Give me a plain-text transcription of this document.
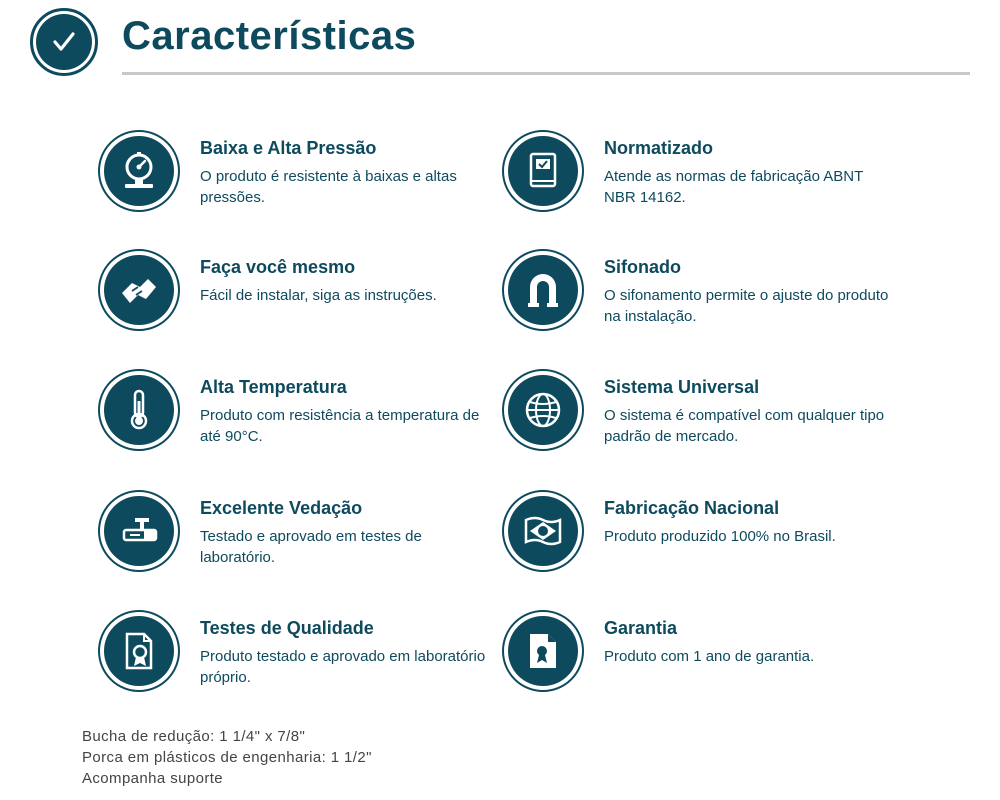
Características
Baixa e Alta Pressão
O produto é resistente à baixas e altas pressões.
Normatizado
Atende as normas de fabricação ABNT NBR 14162.
Faça você mesmo
Fácil de instalar, siga as instruções.
Sifonado
O sifonamento permite o ajuste do produto na instalação.
Alta Temperatura
Produto com resistência a temperatura de até 90°C.
Sistema Universal
O sistema é compatível com qualquer tipo padrão de mercado.
Excelente Vedação
Testado e aprovado em testes de laboratório.
Fabricação Nacional
Produto produzido 100% no Brasil.
Testes de Qualidade
Produto testado e aprovado em laboratório próprio.
Garantia
Produto com 1 ano de garantia.
Bucha de redução: 1 1/4" x 7/8"
Porca em plásticos de engenharia: 1 1/2"
Acompanha suporte
